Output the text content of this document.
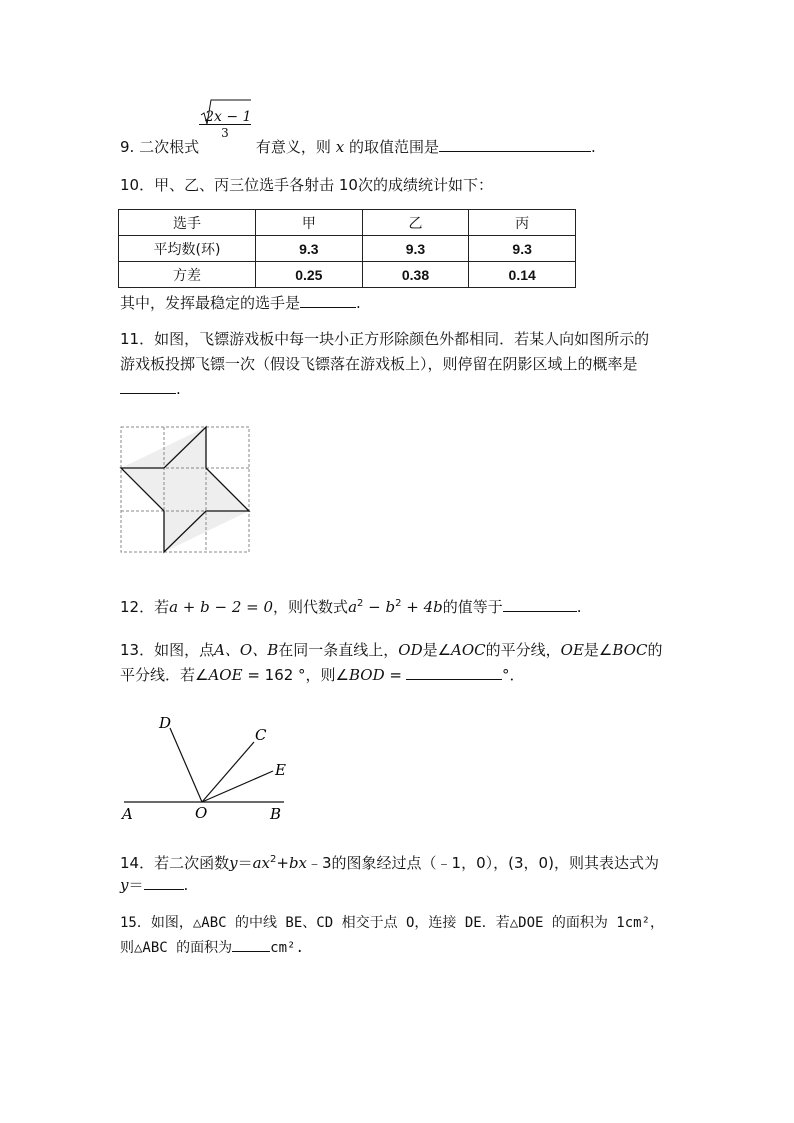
9. 二次根式
2x − 1
3
有意义，则 x 的取值范围是	.
10．甲、乙、丙三位选手各射击 10次的成绩统计如下：
选手	甲	乙	丙
平均数(环)	9.3	9.3	9.3
方差	0.25	0.38	0.14
其中，发挥最稳定的选手是	.
11．如图，飞镖游戏板中每一块小正方形除颜色外都相同．若某人向如图所示的
游戏板投掷飞镖一次（假设飞镖落在游戏板上），则停留在阴影区域上的概率是
.
12．若a + b − 2 = 0，则代数式$a^2 - b^2 + 4b$的值等于	.
13．如图，点A、O、B在同一条直线上，OD是∠AOC的平分线，OE是∠BOC的
平分线．若∠AOE = 162 °，则∠BOD =	°．
D
C
E
A	O	B
14．若二次函数$y=ax^2+bx﹣3$的图象经过点（﹣1，0），(3，0)，则其表达式为
y＝	.
15．如图，△ABC 的中线 BE、CD 相交于点 O，连接 DE．若△DOE 的面积为 1cm²，
则△ABC 的面积为	cm².
